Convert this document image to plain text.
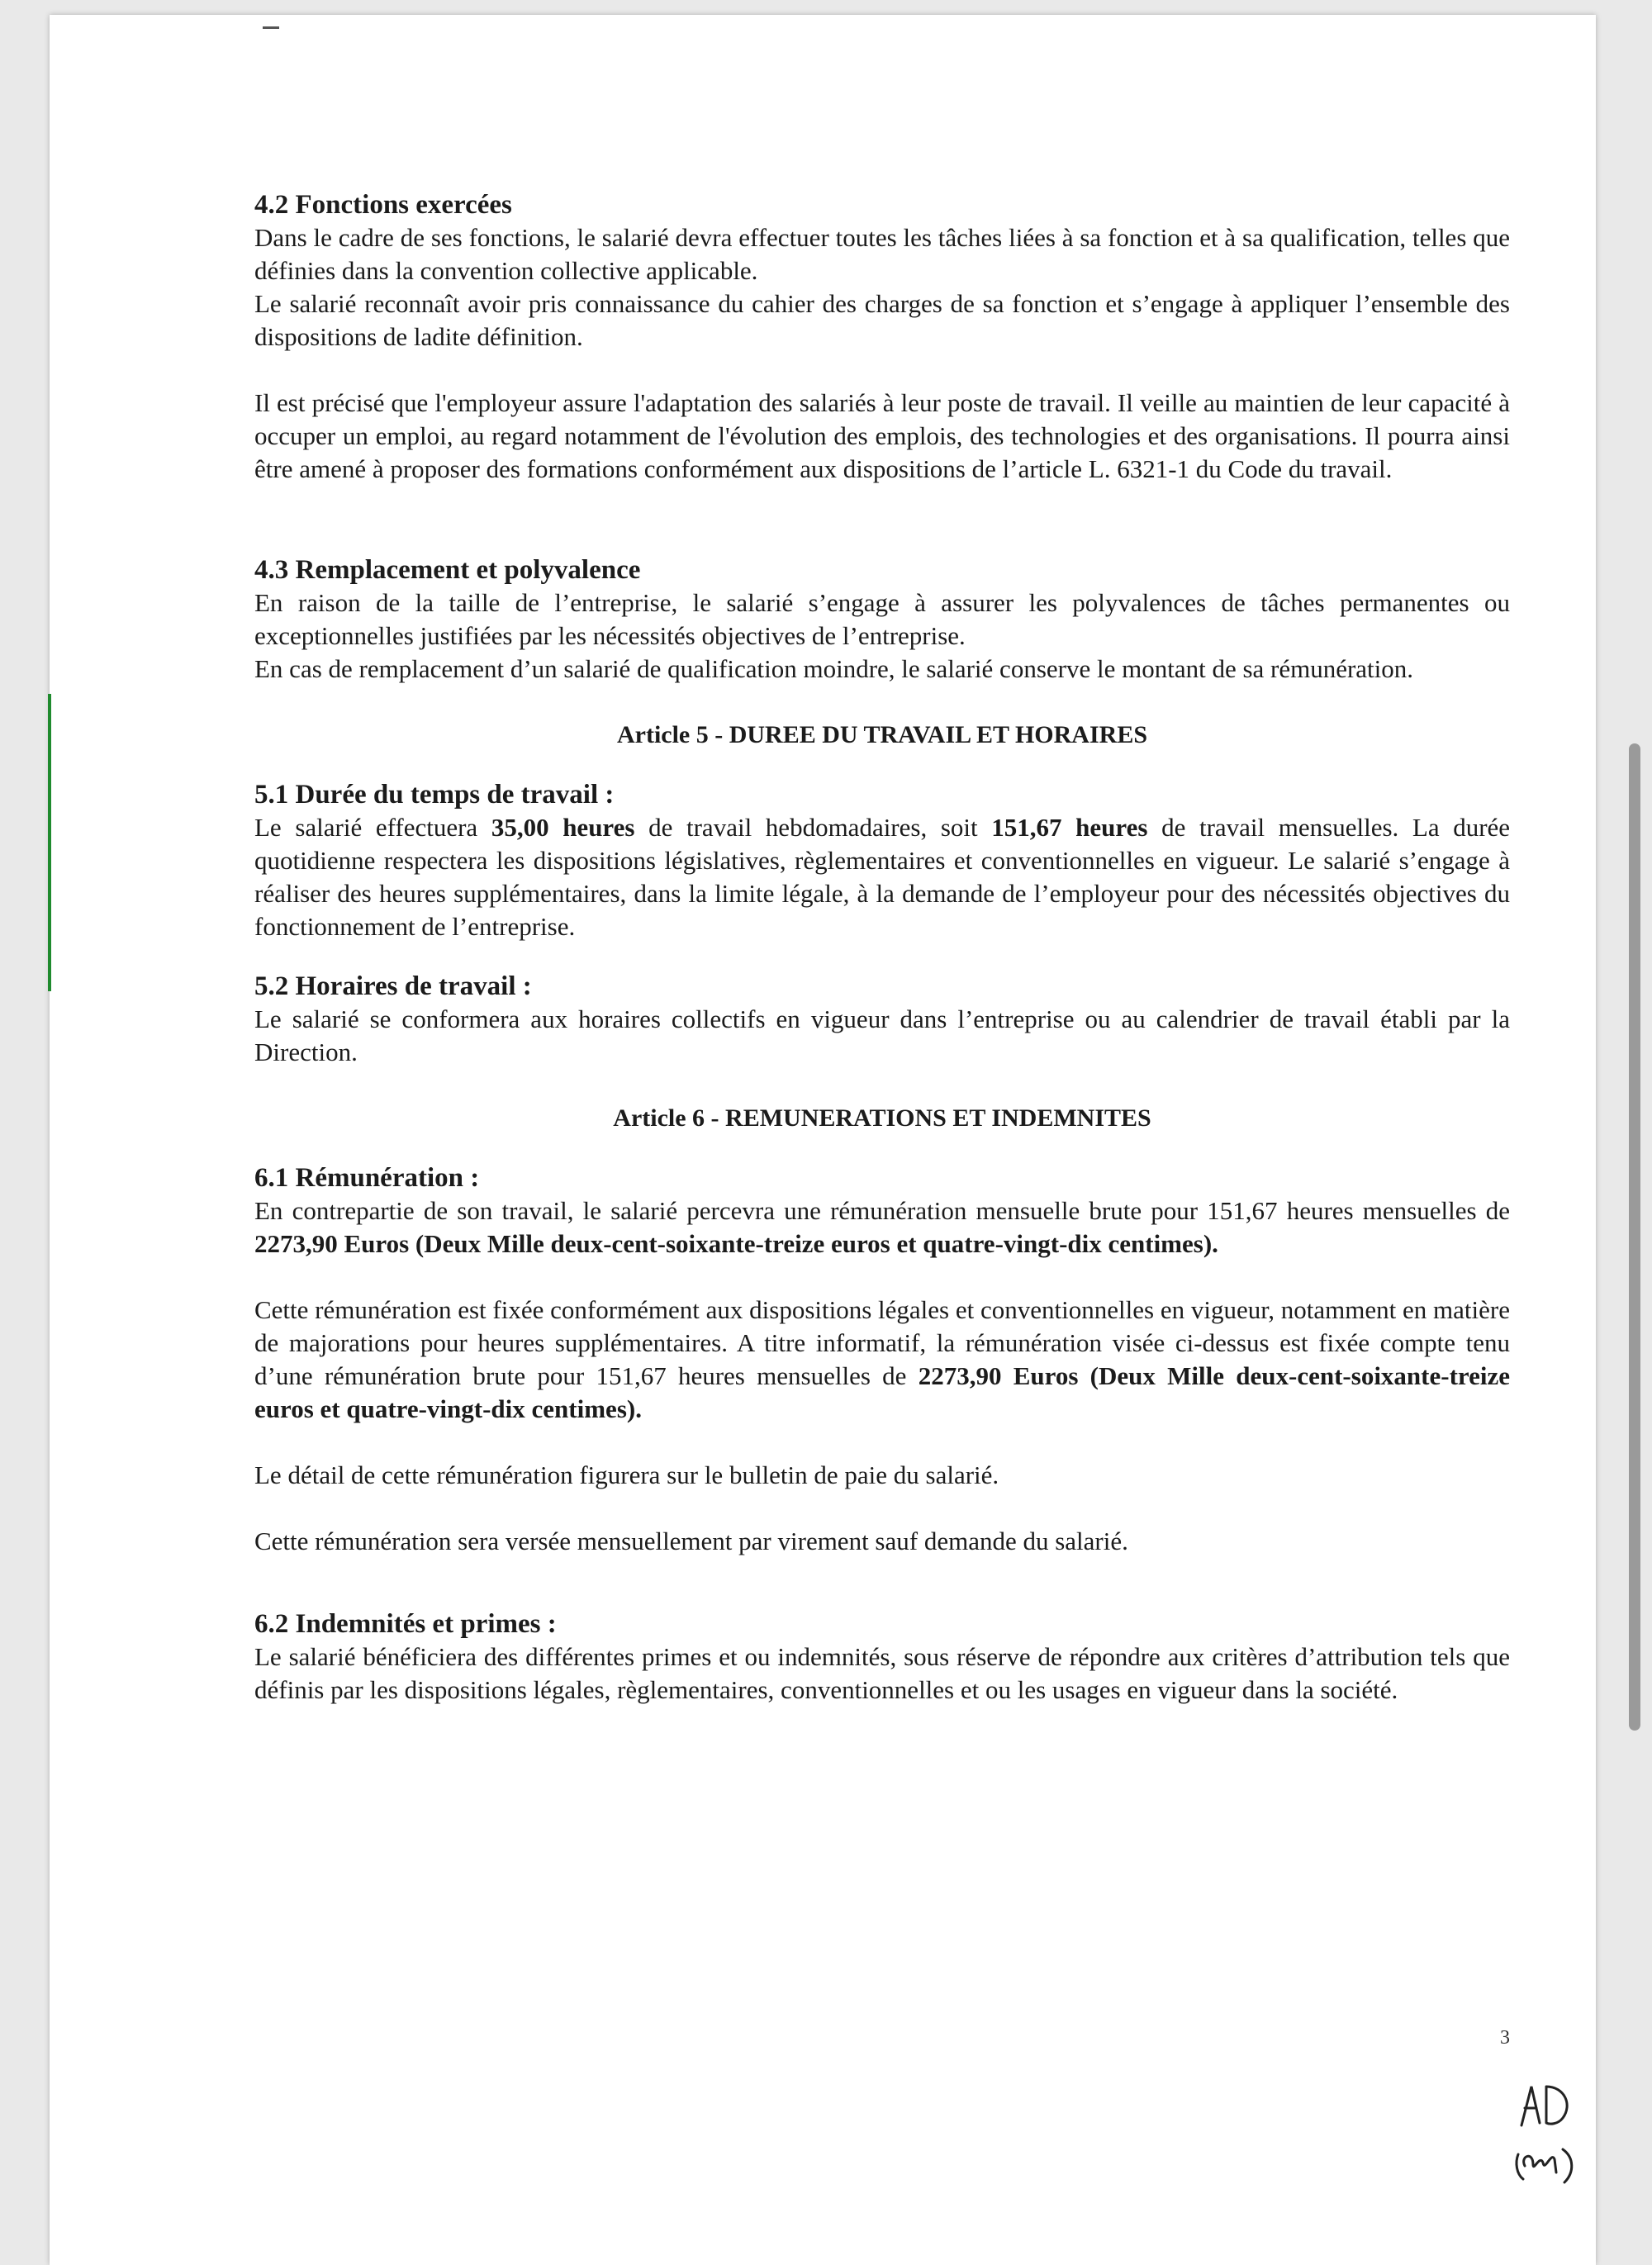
4.2 Fonctions exercées

Dans le cadre de ses fonctions, le salarié devra effectuer toutes les tâches liées à sa fonction et à sa qualification, telles que définies dans la convention collective applicable.

Le salarié reconnaît avoir pris connaissance du cahier des charges de sa fonction et s’engage à appliquer l’ensemble des dispositions de ladite définition.

Il est précisé que l'employeur assure l'adaptation des salariés à leur poste de travail. Il veille au maintien de leur capacité à occuper un emploi, au regard notamment de l'évolution des emplois, des technologies et des organisations. Il pourra ainsi être amené à proposer des formations conformément aux dispositions de l’article L. 6321-1 du Code du travail.

4.3 Remplacement et polyvalence

En raison de la taille de l’entreprise, le salarié s’engage à assurer les polyvalences de tâches permanentes ou exceptionnelles justifiées par les nécessités objectives de l’entreprise.

En cas de remplacement d’un salarié de qualification moindre, le salarié conserve le montant de sa rémunération.

Article 5 - DUREE DU TRAVAIL ET HORAIRES

5.1 Durée du temps de travail :

Le salarié effectuera 35,00 heures de travail hebdomadaires, soit 151,67 heures de travail mensuelles. La durée quotidienne respectera les dispositions législatives, règlementaires et conventionnelles en vigueur. Le salarié s’engage à réaliser des heures supplémentaires, dans la limite légale, à la demande de l’employeur pour des nécessités objectives du fonctionnement de l’entreprise.

5.2 Horaires de travail :

Le salarié se conformera aux horaires collectifs en vigueur dans l’entreprise ou au calendrier de travail établi par la Direction.

Article 6 - REMUNERATIONS ET INDEMNITES

6.1 Rémunération :

En contrepartie de son travail, le salarié percevra une rémunération mensuelle brute pour 151,67 heures mensuelles de 2273,90 Euros (Deux Mille deux-cent-soixante-treize euros et quatre-vingt-dix centimes).

Cette rémunération est fixée conformément aux dispositions légales et conventionnelles en vigueur, notamment en matière de majorations pour heures supplémentaires. A titre informatif, la rémunération visée ci-dessus est fixée compte tenu d’une rémunération brute pour 151,67 heures mensuelles de 2273,90 Euros (Deux Mille deux-cent-soixante-treize euros et quatre-vingt-dix centimes).

Le détail de cette rémunération figurera sur le bulletin de paie du salarié.

Cette rémunération sera versée mensuellement par virement sauf demande du salarié.

6.2 Indemnités et primes :

Le salarié bénéficiera des différentes primes et ou indemnités, sous réserve de répondre aux critères d’attribution tels que définis par les dispositions légales, règlementaires, conventionnelles et ou les usages en vigueur dans la société.

3
